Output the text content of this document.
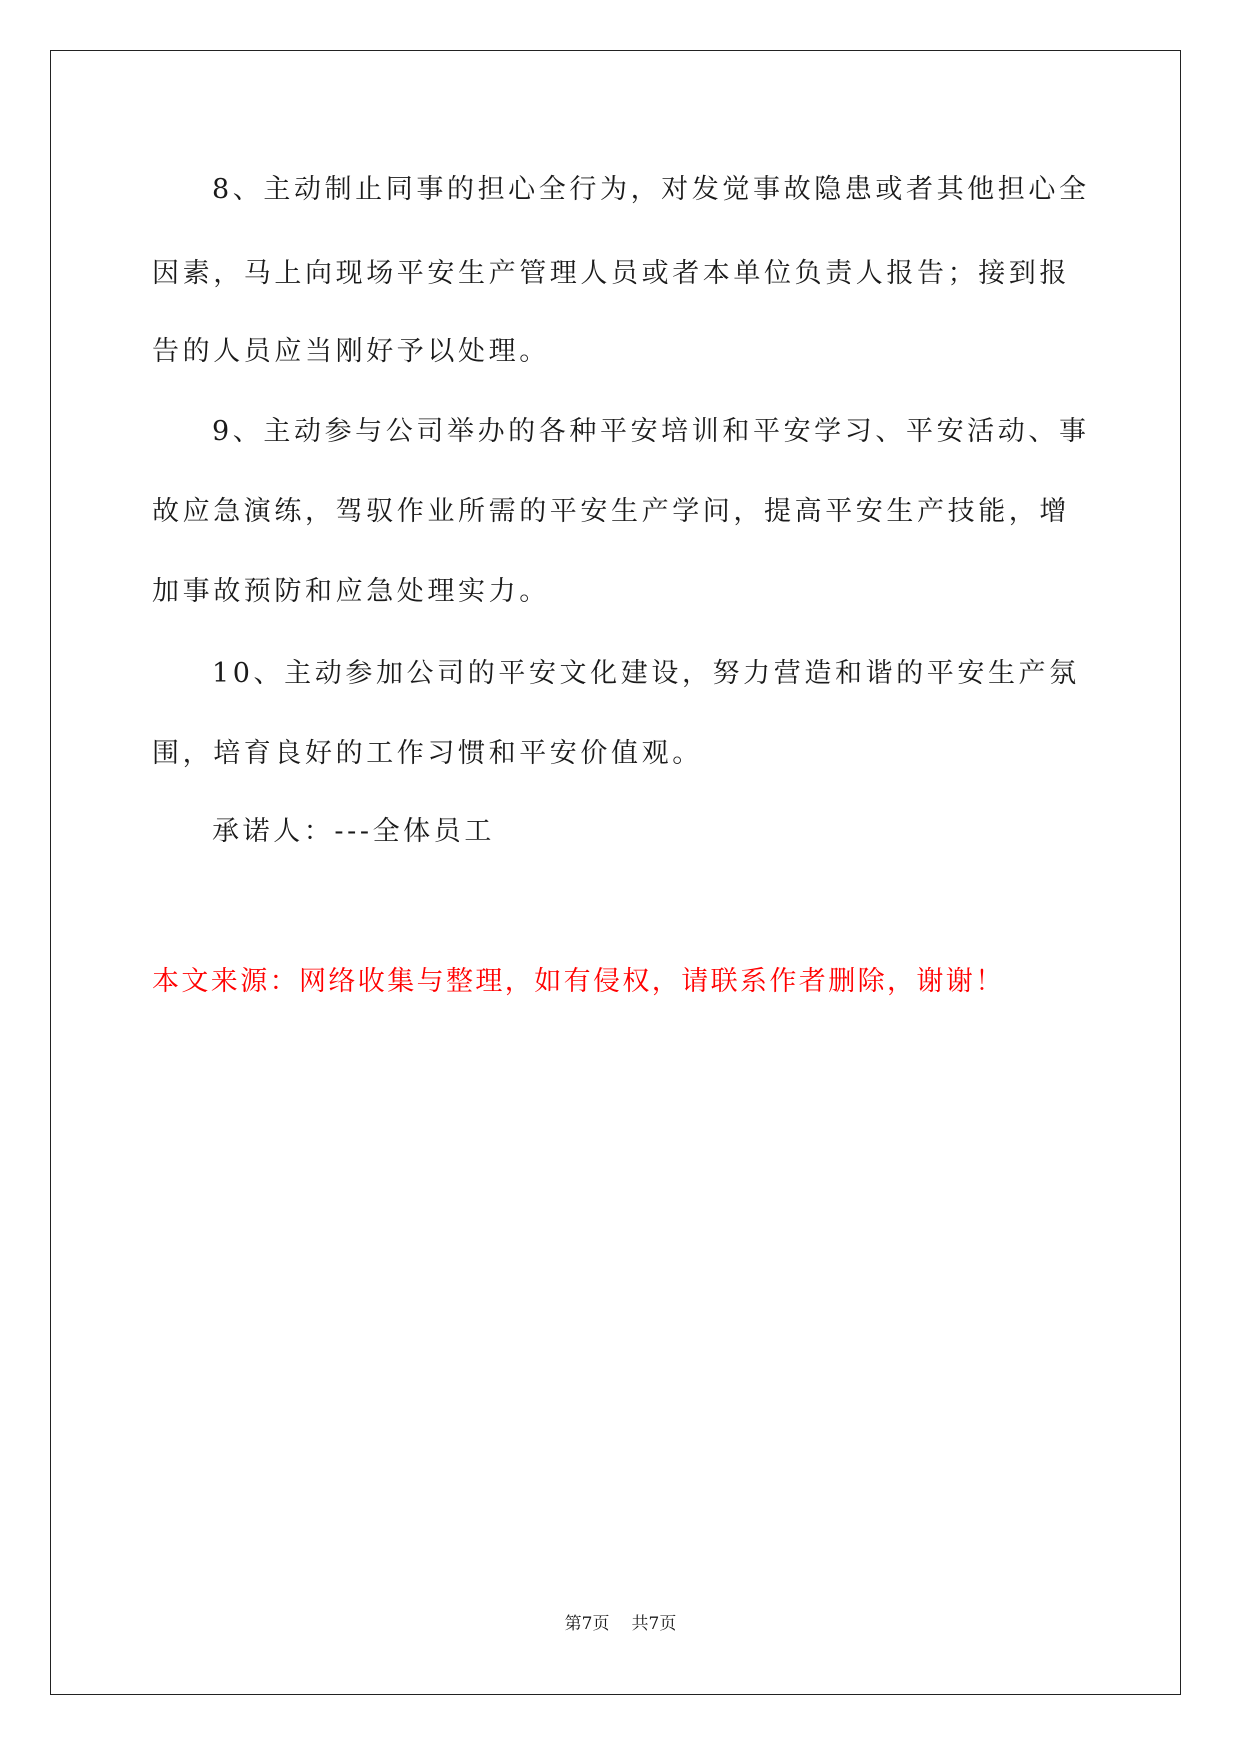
8、主动制止同事的担心全行为，对发觉事故隐患或者其他担心全

因素，马上向现场平安生产管理人员或者本单位负责人报告；接到报

告的人员应当刚好予以处理。

9、主动参与公司举办的各种平安培训和平安学习、平安活动、事

故应急演练，驾驭作业所需的平安生产学问，提高平安生产技能，增

加事故预防和应急处理实力。

10、主动参加公司的平安文化建设，努力营造和谐的平安生产氛

围，培育良好的工作习惯和平安价值观。

承诺人：---全体员工

本文来源：网络收集与整理，如有侵权，请联系作者删除，谢谢！

第7页 共7页
